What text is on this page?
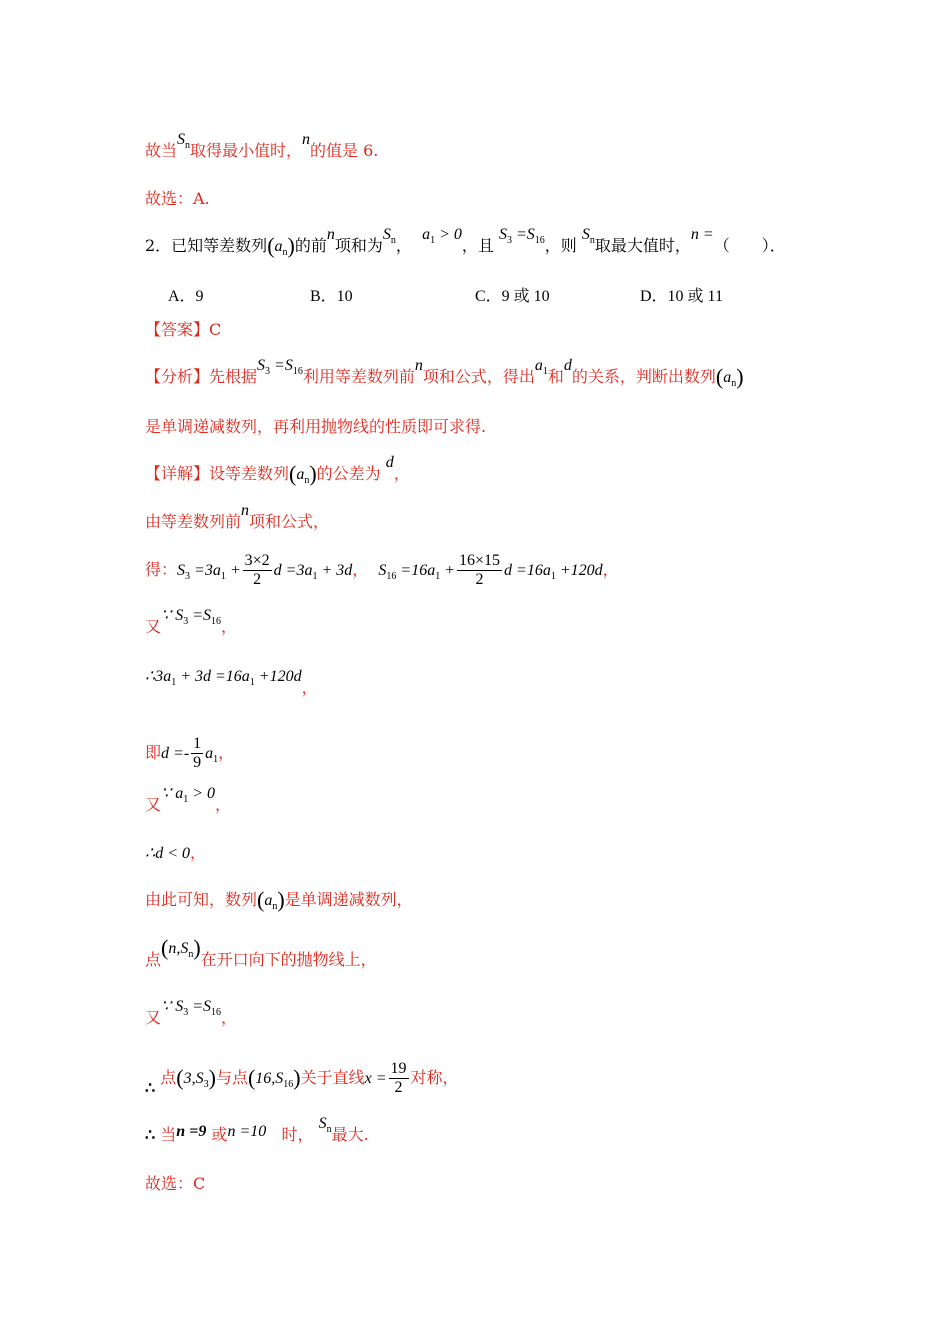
故当$S_n$取得最小值时，n的值是 6.
故选：A.
2．已知等差数列$(a_n)$的前n项和为$S_n$，  $a_1 > 0$，且 $S_3 =S_{16}$，则 $S_n$取最大值时，n =（　　）．
A．9	B．10	C．9 或 10	D．10 或 11
【答案】C
【分析】先根据$S_3 =S_{16}$利用等差数列前n项和公式，得出$a_1$和d的关系，判断出数列$(a_n)$
是单调递减数列，再利用抛物线的性质即可求得.
【详解】设等差数列$(a_n)$的公差为 d，
由等差数列前n项和公式，
得：$S_3 =3a_1 + \frac{3\times 2}{2}$ $d =3a_1 + 3d$，  $S_{16} =16a_1 + \frac{16\times 15}{2}$ $d =16a_1 +120d$，
又∵ $S_3 =S_{16}$，
$\therefore 3a_1 + 3d =16a_1 +120d$，
即$d =- \frac{1}{9} a_1$，
又∵ $a_1 > 0$，
∴d < 0，
由此可知，数列$(a_n)$是单调递减数列，
点$(n,S_n)$在开口向下的抛物线上，
又∵ $S_3 =S_{16}$，
∴ 点$(3,S_3)$与点$(16,S_{16})$关于直线$x = \frac{19}{2}$ 对称，
∴ 当n =9 或n =10 时， $S_n$最大.
故选：C
